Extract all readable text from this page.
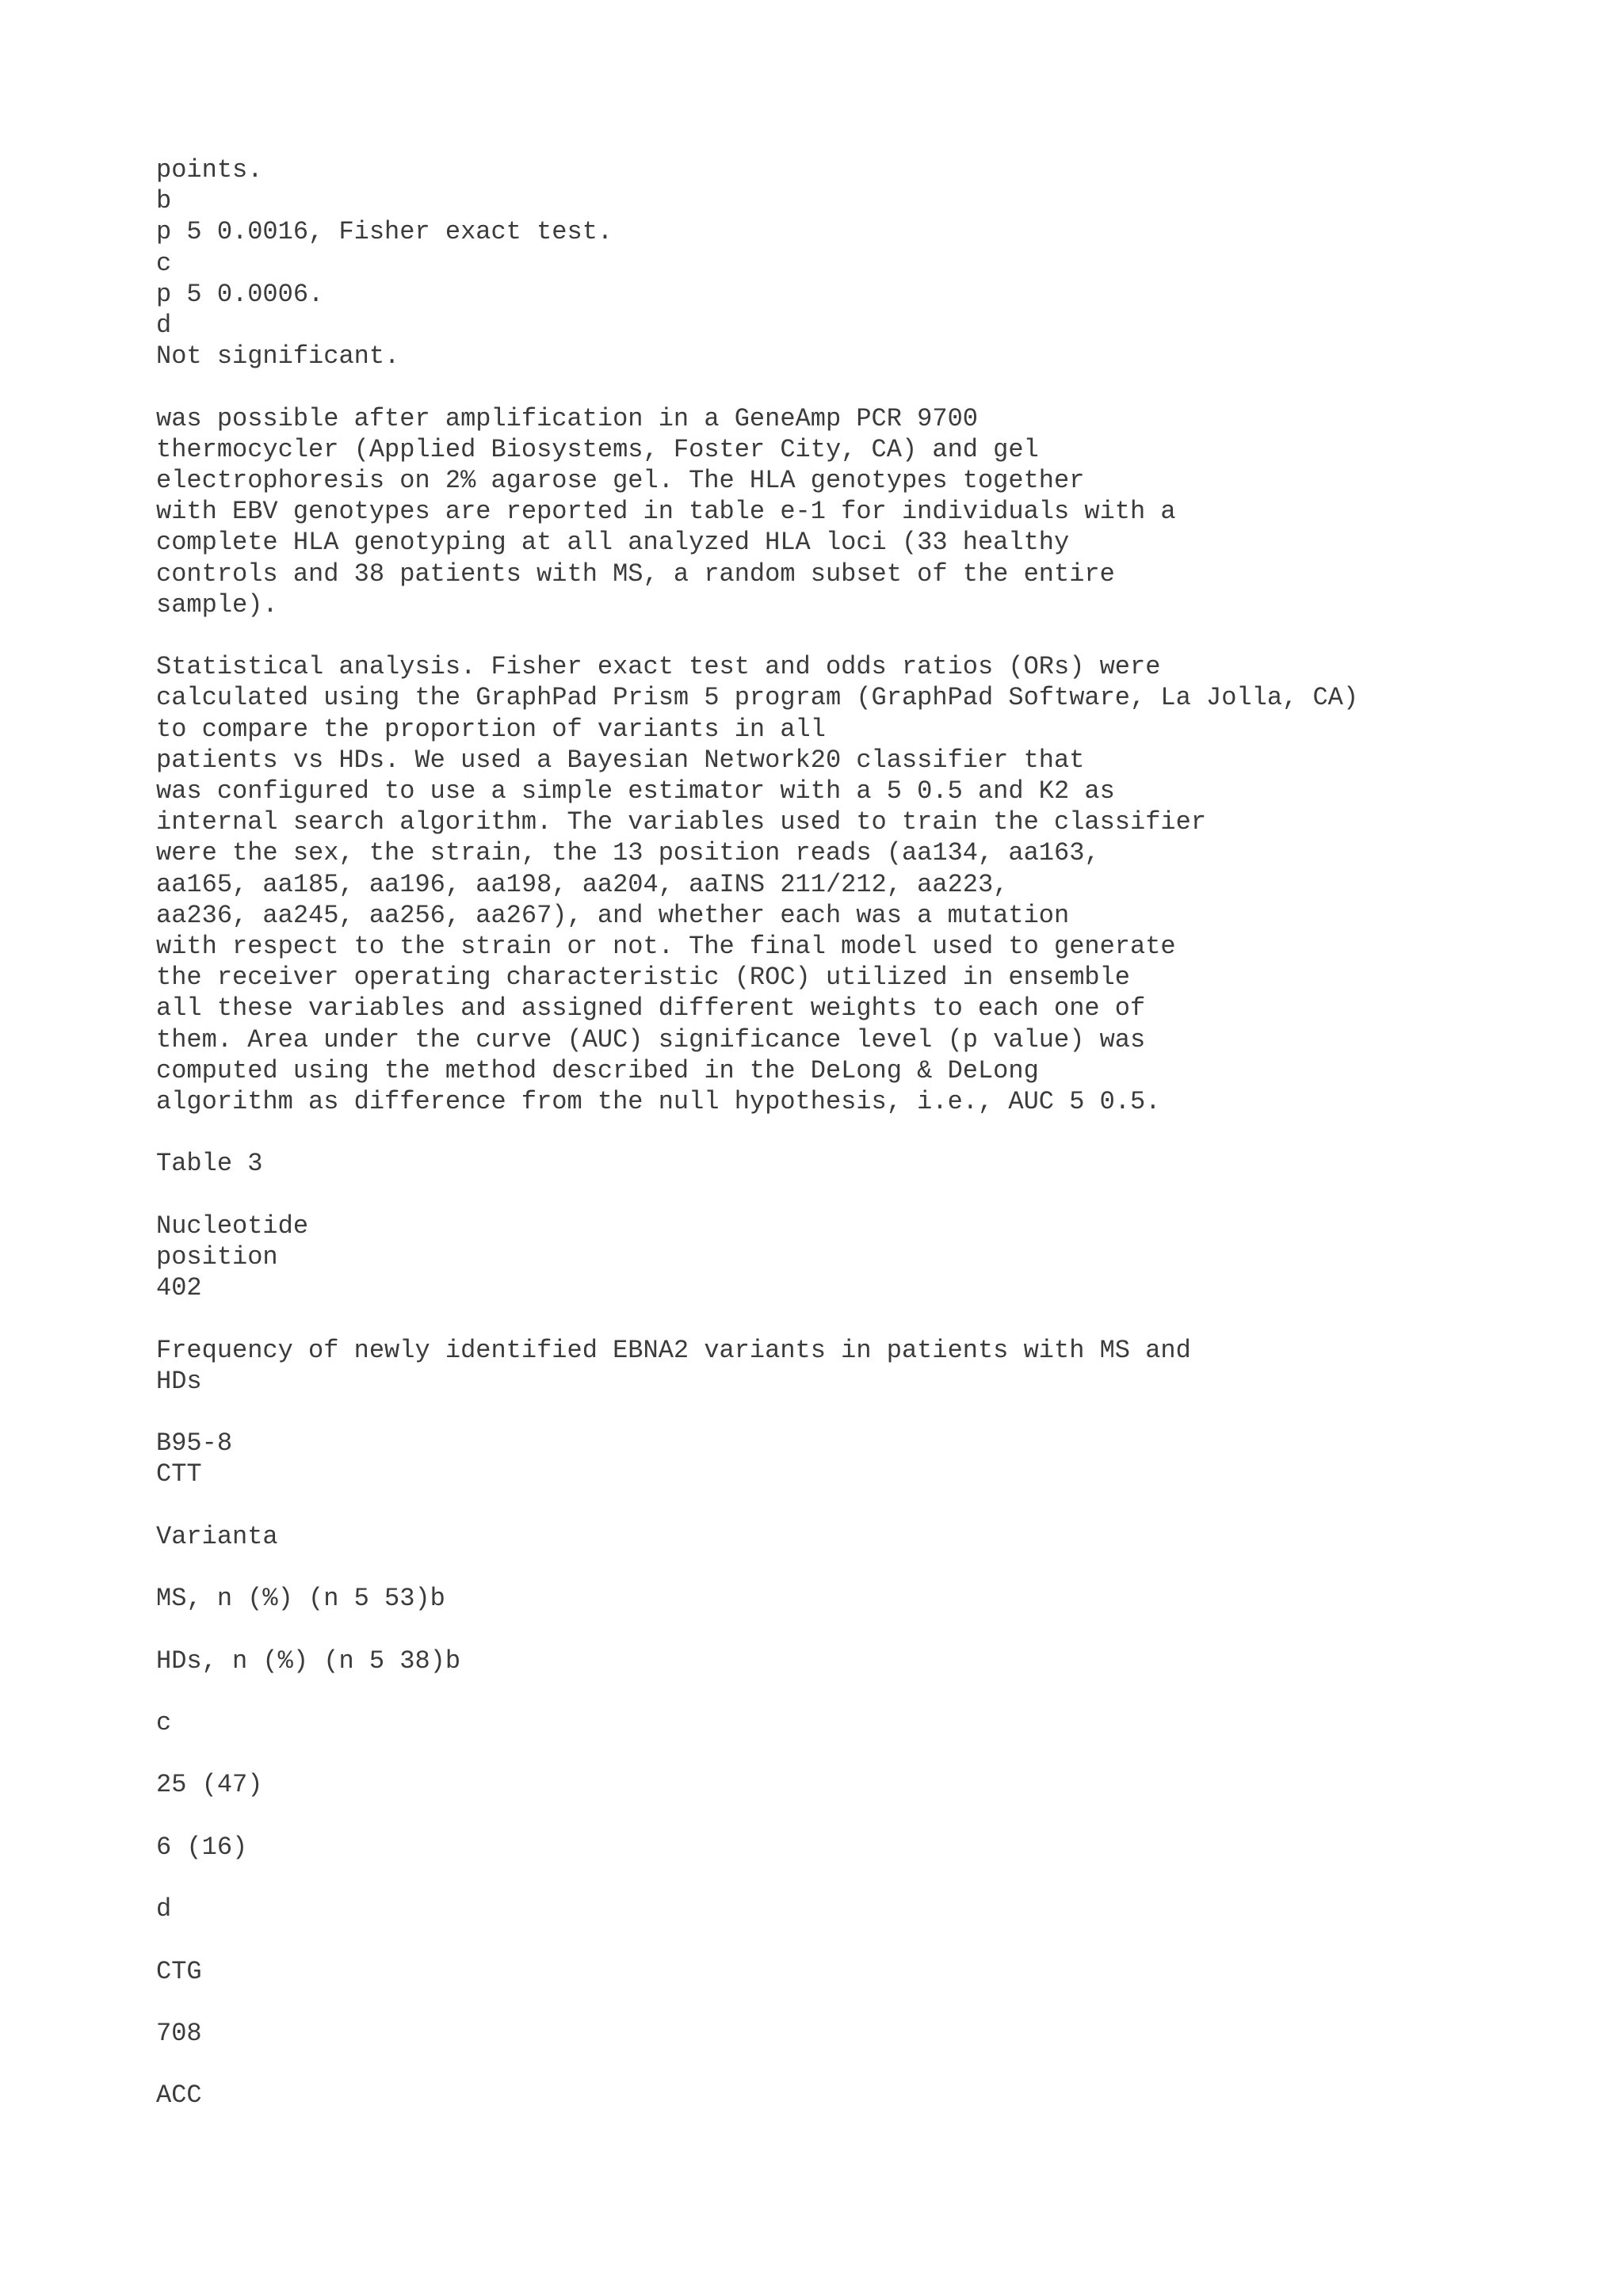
points.
b
p 5 0.0016, Fisher exact test.
c
p 5 0.0006.
d
Not significant.
was possible after amplification in a GeneAmp PCR 9700
thermocycler (Applied Biosystems, Foster City, CA) and gel
electrophoresis on 2% agarose gel. The HLA genotypes together
with EBV genotypes are reported in table e-1 for individuals with a
complete HLA genotyping at all analyzed HLA loci (33 healthy
controls and 38 patients with MS, a random subset of the entire
sample).
Statistical analysis. Fisher exact test and odds ratios (ORs) were
calculated using the GraphPad Prism 5 program (GraphPad Software, La Jolla, CA)
to compare the proportion of variants in all
patients vs HDs. We used a Bayesian Network20 classifier that
was configured to use a simple estimator with a 5 0.5 and K2 as
internal search algorithm. The variables used to train the classifier
were the sex, the strain, the 13 position reads (aa134, aa163,
aa165, aa185, aa196, aa198, aa204, aaINS 211/212, aa223,
aa236, aa245, aa256, aa267), and whether each was a mutation
with respect to the strain or not. The final model used to generate
the receiver operating characteristic (ROC) utilized in ensemble
all these variables and assigned different weights to each one of
them. Area under the curve (AUC) significance level (p value) was
computed using the method described in the DeLong & DeLong
algorithm as difference from the null hypothesis, i.e., AUC 5 0.5.
Table 3
Nucleotide
position
402
Frequency of newly identified EBNA2 variants in patients with MS and
HDs
B95-8
CTT
Varianta
MS, n (%) (n 5 53)b
HDs, n (%) (n 5 38)b
c
25 (47)
6 (16)
d
CTG
708
ACC
